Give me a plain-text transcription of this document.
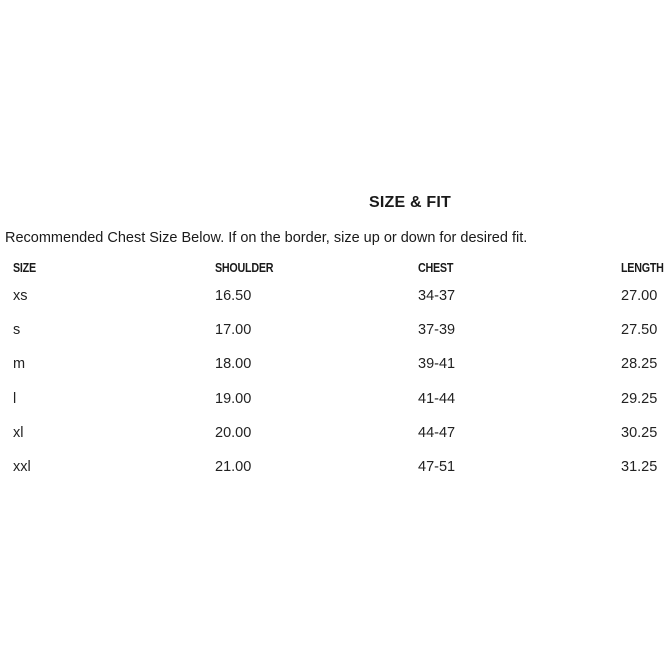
SIZE & FIT

Recommended Chest Size Below. If on the border, size up or down for desired fit.

SIZE	SHOULDER	CHEST	LENGTH
xs	16.50	34-37	27.00
s	17.00	37-39	27.50
m	18.00	39-41	28.25
l	19.00	41-44	29.25
xl	20.00	44-47	30.25
xxl	21.00	47-51	31.25
